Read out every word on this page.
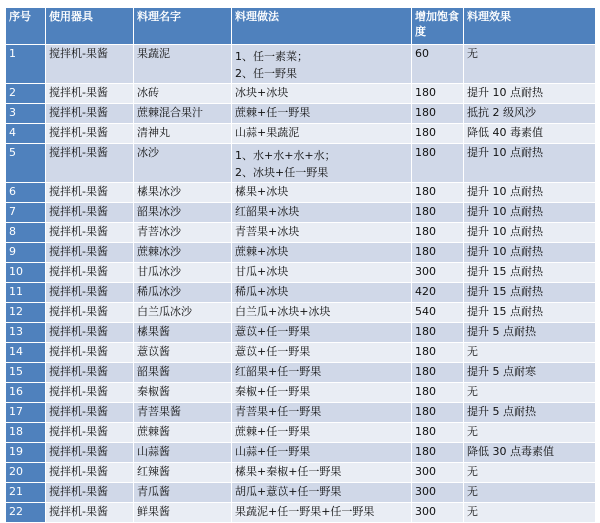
序号	使用器具	料理名字	料理做法	增加饱食度	料理效果
1	搅拌机-果酱	果蔬泥	1、任一素菜；
2、任一野果	60	无
2	搅拌机-果酱	冰砖	冰块+冰块	180	提升 10 点耐热
3	搅拌机-果酱	蔗棘混合果汁	蔗棘+任一野果	180	抵抗 2 级风沙
4	搅拌机-果酱	清神丸	山蒜+果蔬泥	180	降低 40 毒素值
5	搅拌机-果酱	冰沙	1、水+水+水+水；
2、冰块+任一野果	180	提升 10 点耐热
6	搅拌机-果酱	榡果冰沙	榡果+冰块	180	提升 10 点耐热
7	搅拌机-果酱	韶果冰沙	红韶果+冰块	180	提升 10 点耐热
8	搅拌机-果酱	青菩冰沙	青菩果+冰块	180	提升 10 点耐热
9	搅拌机-果酱	蔗棘冰沙	蔗棘+冰块	180	提升 10 点耐热
10	搅拌机-果酱	甘瓜冰沙	甘瓜+冰块	300	提升 15 点耐热
11	搅拌机-果酱	稀瓜冰沙	稀瓜+冰块	420	提升 15 点耐热
12	搅拌机-果酱	白兰瓜冰沙	白兰瓜+冰块+冰块	540	提升 15 点耐热
13	搅拌机-果酱	榡果酱	薏苡+任一野果	180	提升 5 点耐热
14	搅拌机-果酱	薏苡酱	薏苡+任一野果	180	无
15	搅拌机-果酱	韶果酱	红韶果+任一野果	180	提升 5 点耐寒
16	搅拌机-果酱	秦椒酱	秦椒+任一野果	180	无
17	搅拌机-果酱	青菩果酱	青菩果+任一野果	180	提升 5 点耐热
18	搅拌机-果酱	蔗棘酱	蔗棘+任一野果	180	无
19	搅拌机-果酱	山蒜酱	山蒜+任一野果	180	降低 30 点毒素值
20	搅拌机-果酱	红辣酱	榡果+秦椒+任一野果	300	无
21	搅拌机-果酱	青瓜酱	胡瓜+薏苡+任一野果	300	无
22	搅拌机-果酱	鲜果酱	果蔬泥+任一野果+任一野果	300	无
